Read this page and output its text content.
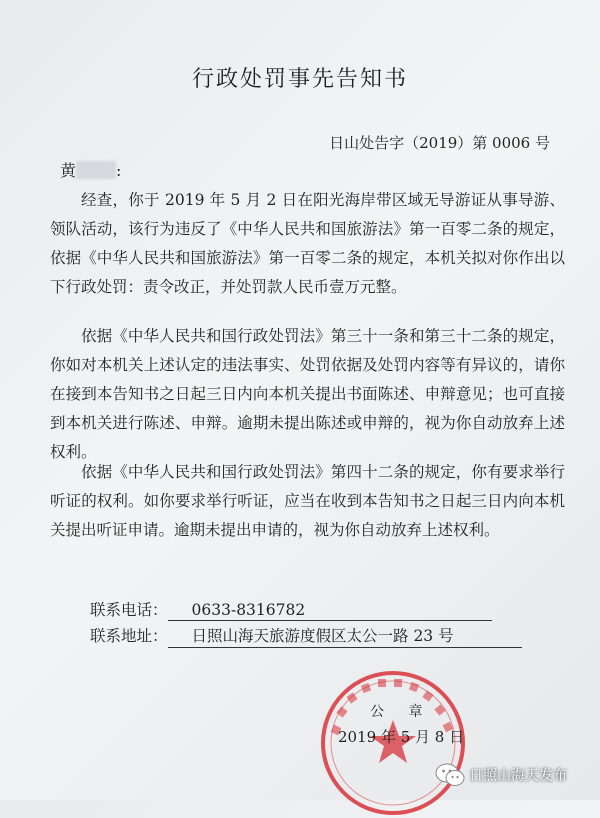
行政处罚事先告知书
日山处告字（2019）第 0006 号
黄	:
经查，你于 2019 年 5 月 2 日在阳光海岸带区域无导游证从事导游、领队活动，该行为违反了《中华人民共和国旅游法》第一百零二条的规定，依据《中华人民共和国旅游法》第一百零二条的规定，本机关拟对你作出以下行政处罚：责令改正，并处罚款人民币壹万元整。
依据《中华人民共和国行政处罚法》第三十一条和第三十二条的规定，你如对本机关上述认定的违法事实、处罚依据及处罚内容等有异议的，请你在接到本告知书之日起三日内向本机关提出书面陈述、申辩意见；也可直接到本机关进行陈述、申辩。逾期未提出陈述或申辩的，视为你自动放弃上述权利。
依据《中华人民共和国行政处罚法》第四十二条的规定，你有要求举行听证的权利。如你要求举行听证，应当在收到本告知书之日起三日内向本机关提出听证申请。逾期未提出申请的，视为你自动放弃上述权利。
联系电话： 0633-8316782
联系地址： 日照山海天旅游度假区太公一路 23 号
公 章
2019 年 5 月 8 日
日照山海天发布
